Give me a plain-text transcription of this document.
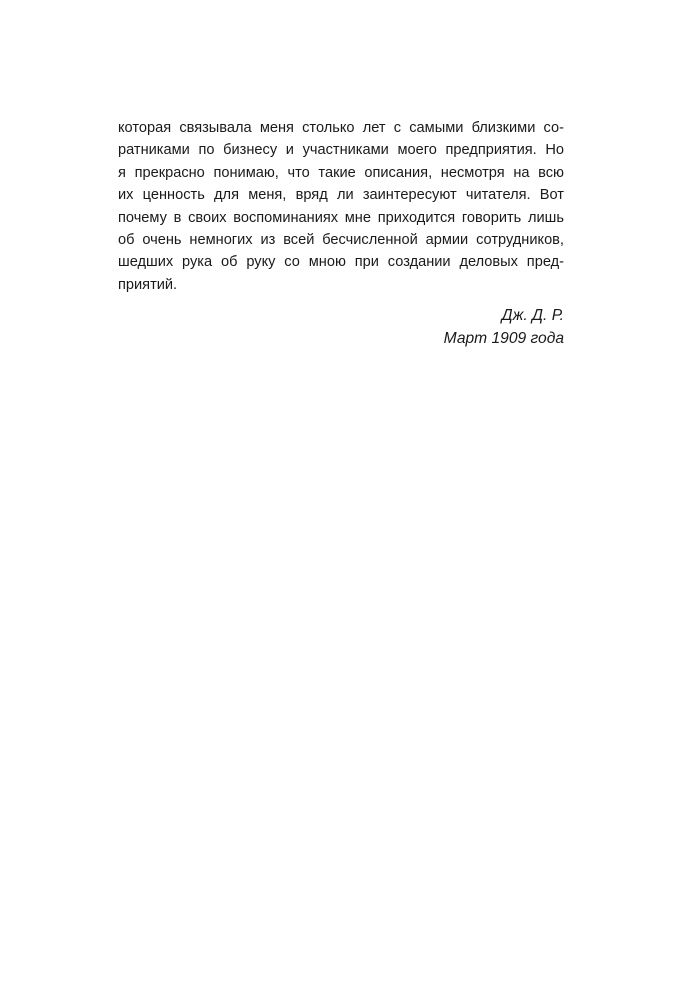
которая связывала меня столько лет с самыми близкими со-
ратниками по бизнесу и участниками моего предприятия. Но
я прекрасно понимаю, что такие описания, несмотря на всю
их ценность для меня, вряд ли заинтересуют читателя. Вот
почему в своих воспоминаниях мне приходится говорить лишь
об очень немногих из всей бесчисленной армии сотрудников,
шедших рука об руку со мною при создании деловых пред-
приятий.

Дж. Д. Р.
Март 1909 года
